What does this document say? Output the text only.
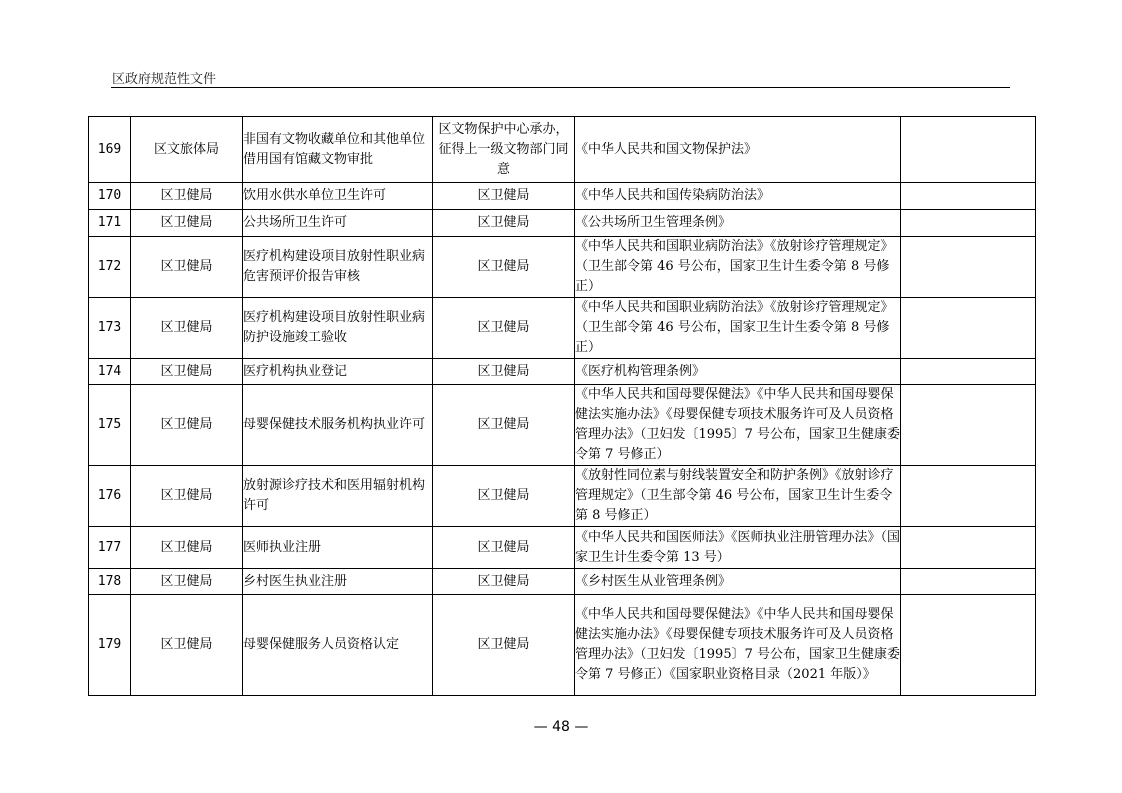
区政府规范性文件
169	区文旅体局	非国有文物收藏单位和其他单位借用国有馆藏文物审批	区文物保护中心承办，征得上一级文物部门同意	《中华人民共和国文物保护法》	
170	区卫健局	饮用水供水单位卫生许可	区卫健局	《中华人民共和国传染病防治法》	
171	区卫健局	公共场所卫生许可	区卫健局	《公共场所卫生管理条例》	
172	区卫健局	医疗机构建设项目放射性职业病危害预评价报告审核	区卫健局	《中华人民共和国职业病防治法》《放射诊疗管理规定》（卫生部令第 46 号公布，国家卫生计生委令第 8 号修正）	
173	区卫健局	医疗机构建设项目放射性职业病防护设施竣工验收	区卫健局	《中华人民共和国职业病防治法》《放射诊疗管理规定》（卫生部令第 46 号公布，国家卫生计生委令第 8 号修正）	
174	区卫健局	医疗机构执业登记	区卫健局	《医疗机构管理条例》	
175	区卫健局	母婴保健技术服务机构执业许可	区卫健局	《中华人民共和国母婴保健法》《中华人民共和国母婴保健法实施办法》《母婴保健专项技术服务许可及人员资格管理办法》（卫妇发〔1995〕7 号公布，国家卫生健康委令第 7 号修正）	
176	区卫健局	放射源诊疗技术和医用辐射机构许可	区卫健局	《放射性同位素与射线装置安全和防护条例》《放射诊疗管理规定》（卫生部令第 46 号公布，国家卫生计生委令第 8 号修正）	
177	区卫健局	医师执业注册	区卫健局	《中华人民共和国医师法》《医师执业注册管理办法》（国家卫生计生委令第 13 号）	
178	区卫健局	乡村医生执业注册	区卫健局	《乡村医生从业管理条例》	
179	区卫健局	母婴保健服务人员资格认定	区卫健局	《中华人民共和国母婴保健法》《中华人民共和国母婴保健法实施办法》《母婴保健专项技术服务许可及人员资格管理办法》（卫妇发〔1995〕7 号公布，国家卫生健康委令第 7 号修正）《国家职业资格目录（2021 年版）》	
— 48 —
